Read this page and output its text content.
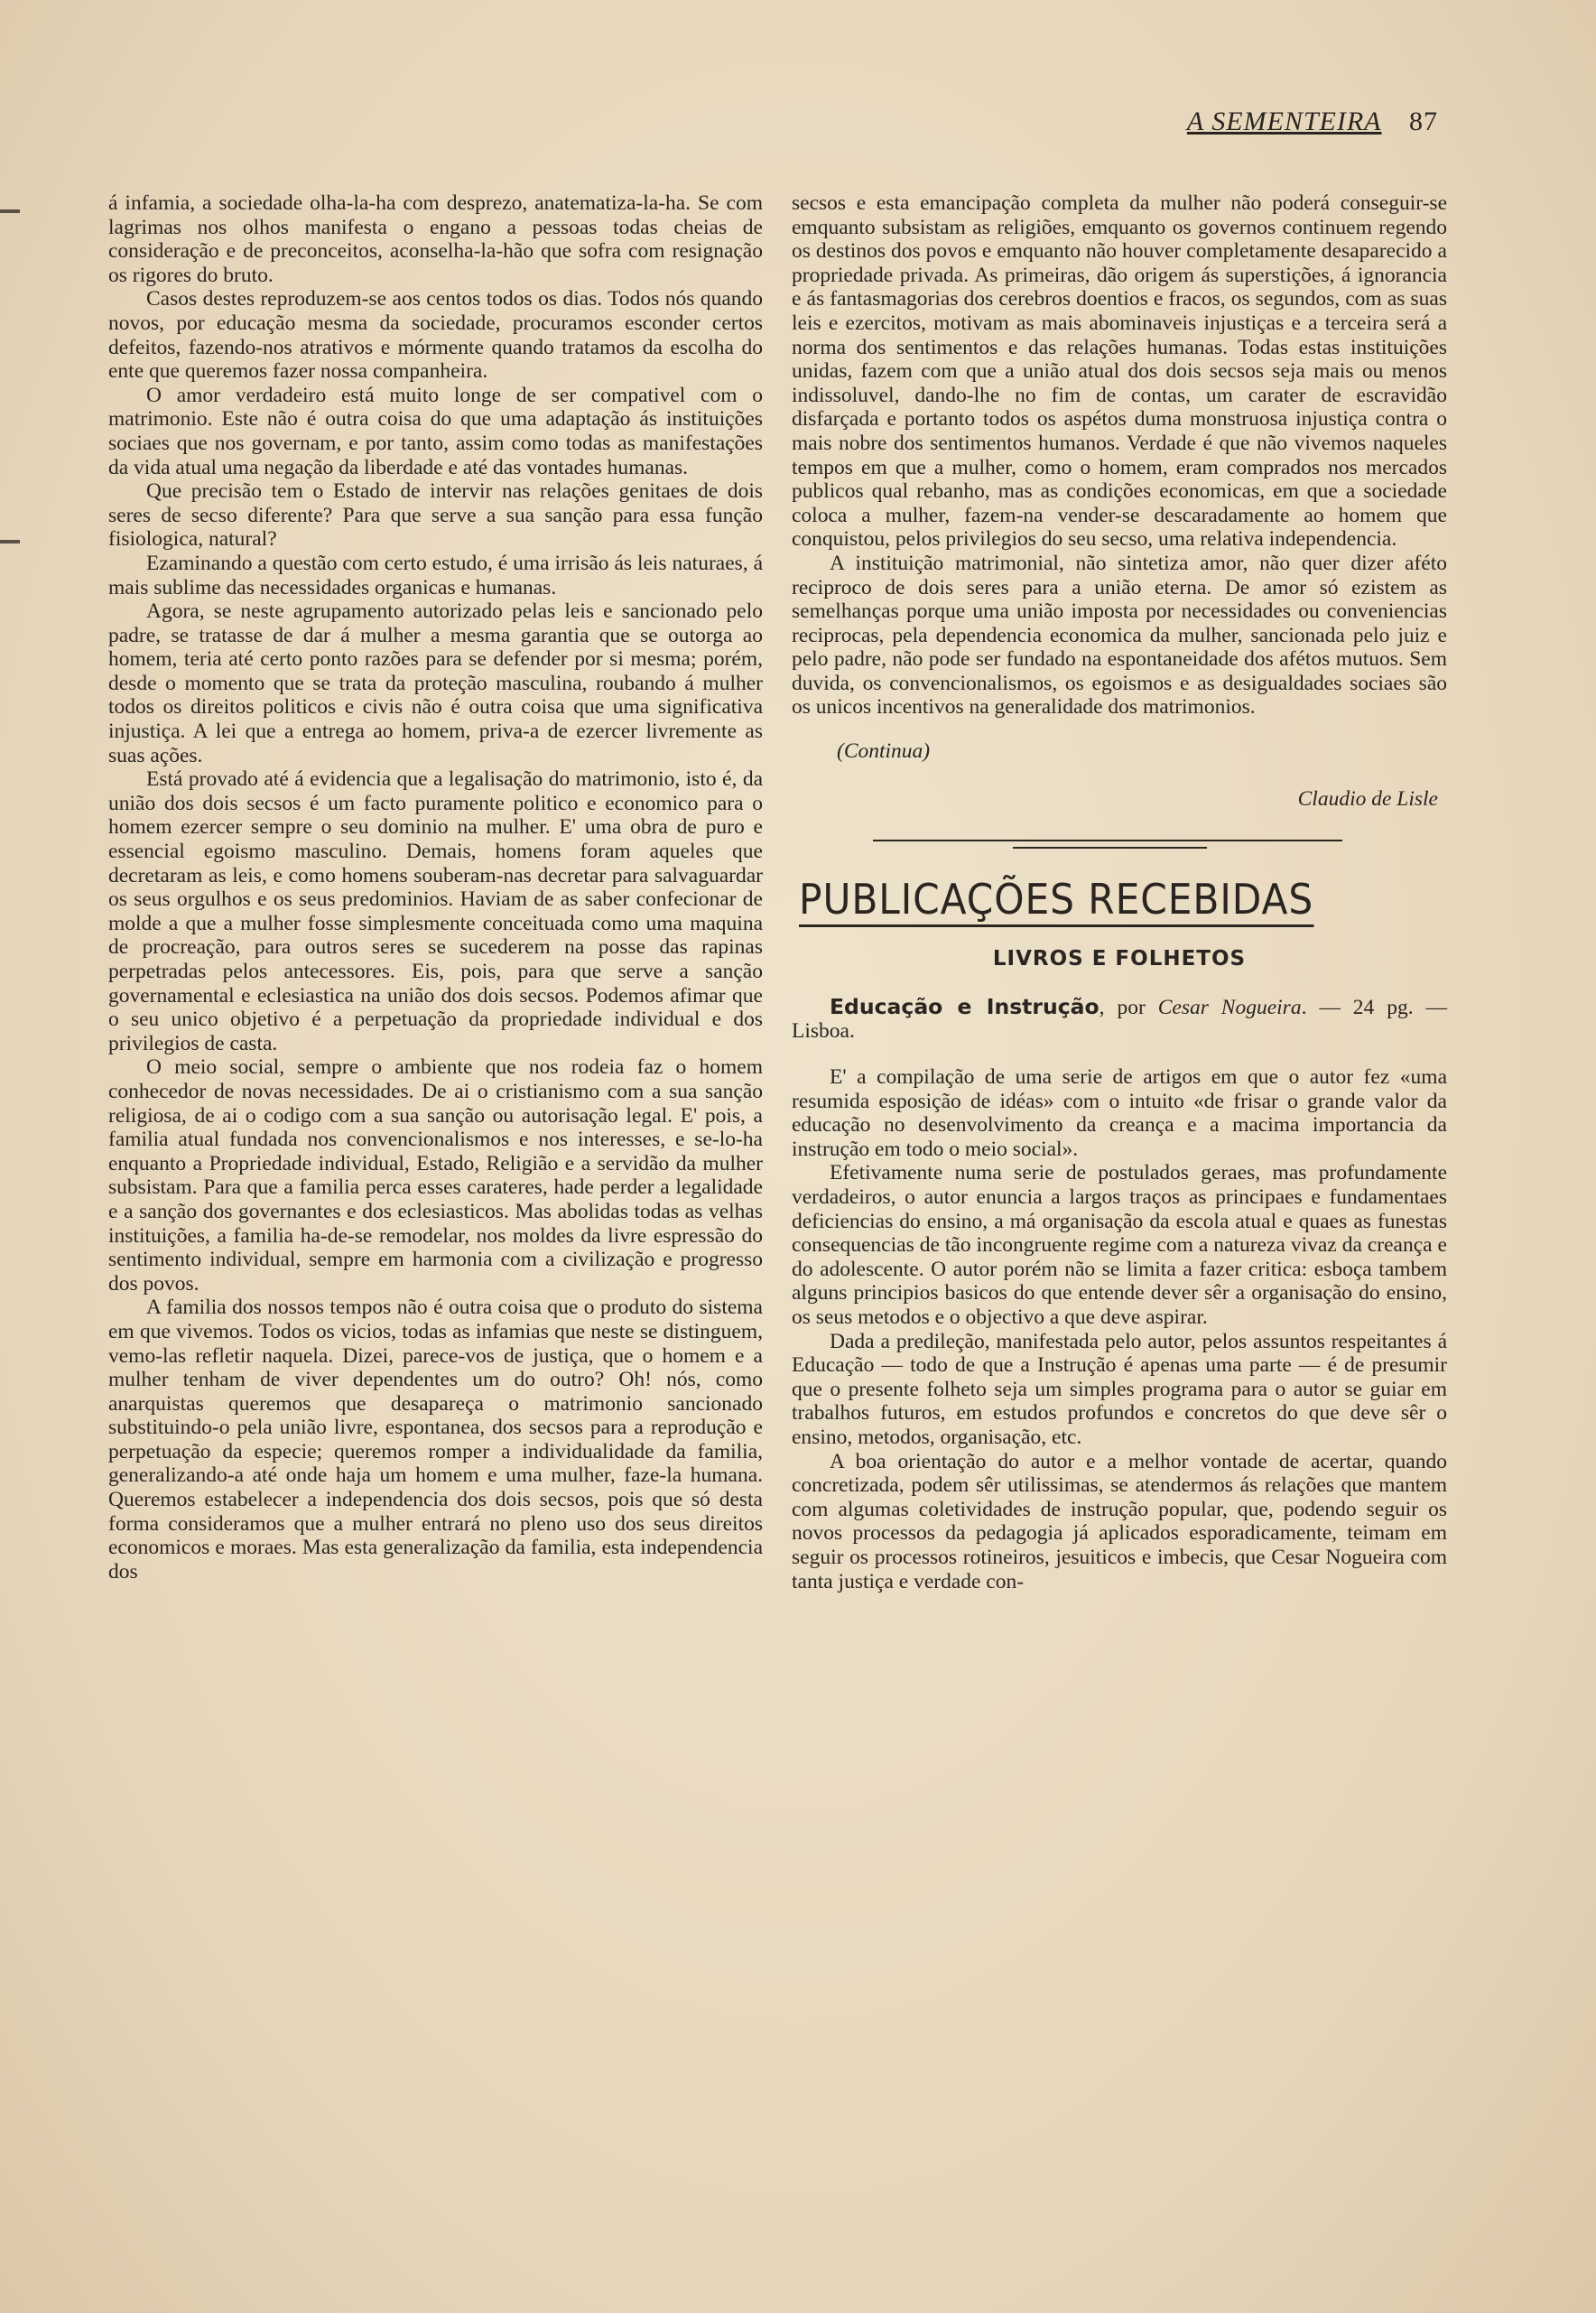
A SEMENTEIRA 87

á infamia, a sociedade olha-la-ha com desprezo, anatematiza-la-ha. Se com lagrimas nos olhos manifesta o engano a pessoas todas cheias de consideração e de preconceitos, aconselha-la-hão que sofra com resignação os rigores do bruto.

Casos destes reproduzem-se aos centos todos os dias. Todos nós quando novos, por educação mesma da sociedade, procuramos esconder certos defeitos, fazendo-nos atrativos e mórmente quando tratamos da escolha do ente que queremos fazer nossa companheira.

O amor verdadeiro está muito longe de ser compativel com o matrimonio. Este não é outra coisa do que uma adaptação ás instituições sociaes que nos governam, e por tanto, assim como todas as manifestações da vida atual uma negação da liberdade e até das vontades humanas.

Que precisão tem o Estado de intervir nas relações genitaes de dois seres de secso diferente? Para que serve a sua sanção para essa função fisiologica, natural?

Ezaminando a questão com certo estudo, é uma irrisão ás leis naturaes, á mais sublime das necessidades organicas e humanas.

Agora, se neste agrupamento autorizado pelas leis e sancionado pelo padre, se tratasse de dar á mulher a mesma garantia que se outorga ao homem, teria até certo ponto razões para se defender por si mesma; porém, desde o momento que se trata da proteção masculina, roubando á mulher todos os direitos politicos e civis não é outra coisa que uma significativa injustiça. A lei que a entrega ao homem, priva-a de ezercer livremente as suas ações.

Está provado até á evidencia que a legalisação do matrimonio, isto é, da união dos dois secsos é um facto puramente politico e economico para o homem ezercer sempre o seu dominio na mulher. E' uma obra de puro e essencial egoismo masculino. Demais, homens foram aqueles que decretaram as leis, e como homens souberam-nas decretar para salvaguardar os seus orgulhos e os seus predominios. Haviam de as saber confecionar de molde a que a mulher fosse simplesmente conceituada como uma maquina de procreação, para outros seres se sucederem na posse das rapinas perpetradas pelos antecessores. Eis, pois, para que serve a sanção governamental e eclesiastica na união dos dois secsos. Podemos afimar que o seu unico objetivo é a perpetuação da propriedade individual e dos privilegios de casta.

O meio social, sempre o ambiente que nos rodeia faz o homem conhecedor de novas necessidades. De ai o cristianismo com a sua sanção religiosa, de ai o codigo com a sua sanção ou autorisação legal. E' pois, a familia atual fundada nos convencionalismos e nos interesses, e se-lo-ha enquanto a Propriedade individual, Estado, Religião e a servidão da mulher subsistam. Para que a familia perca esses carateres, hade perder a legalidade e a sanção dos governantes e dos eclesiasticos. Mas abolidas todas as velhas instituições, a familia ha-de-se remodelar, nos moldes da livre espressão do sentimento individual, sempre em harmonia com a civilização e progresso dos povos.

A familia dos nossos tempos não é outra coisa que o produto do sistema em que vivemos. Todos os vicios, todas as infamias que neste se distinguem, vemo-las refletir naquela. Dizei, parece-vos de justiça, que o homem e a mulher tenham de viver dependentes um do outro? Oh! nós, como anarquistas queremos que desapareça o matrimonio sancionado substituindo-o pela união livre, espontanea, dos secsos para a reprodução e perpetuação da especie; queremos romper a individualidade da familia, generalizando-a até onde haja um homem e uma mulher, faze-la humana. Queremos estabelecer a independencia dos dois secsos, pois que só desta forma consideramos que a mulher entrará no pleno uso dos seus direitos economicos e moraes. Mas esta generalização da familia, esta independencia dos

secsos e esta emancipação completa da mulher não poderá conseguir-se emquanto subsistam as religiões, emquanto os governos continuem regendo os destinos dos povos e emquanto não houver completamente desaparecido a propriedade privada. As primeiras, dão origem ás superstições, á ignorancia e ás fantasmagorias dos cerebros doentios e fracos, os segundos, com as suas leis e ezercitos, motivam as mais abominaveis injustiças e a terceira será a norma dos sentimentos e das relações humanas. Todas estas instituições unidas, fazem com que a união atual dos dois secsos seja mais ou menos indissoluvel, dando-lhe no fim de contas, um carater de escravidão disfarçada e portanto todos os aspétos duma monstruosa injustiça contra o mais nobre dos sentimentos humanos. Verdade é que não vivemos naqueles tempos em que a mulher, como o homem, eram comprados nos mercados publicos qual rebanho, mas as condições economicas, em que a sociedade coloca a mulher, fazem-na vender-se descaradamente ao homem que conquistou, pelos privilegios do seu secso, uma relativa independencia.

A instituição matrimonial, não sintetiza amor, não quer dizer aféto reciproco de dois seres para a união eterna. De amor só ezistem as semelhanças porque uma união imposta por necessidades ou conveniencias reciprocas, pela dependencia economica da mulher, sancionada pelo juiz e pelo padre, não pode ser fundado na espontaneidade dos afétos mutuos. Sem duvida, os convencionalismos, os egoismos e as desigualdades sociaes são os unicos incentivos na generalidade dos matrimonios.

(Continua)
Claudio de Lisle
PUBLICAÇÕES RECEBIDAS
LIVROS E FOLHETOS

Educação e Instrução, por Cesar Nogueira. — 24 pg. — Lisboa.

E' a compilação de uma serie de artigos em que o autor fez «uma resumida esposição de idéas» com o intuito «de frisar o grande valor da educação no desenvolvimento da creança e a macima importancia da instrução em todo o meio social».

Efetivamente numa serie de postulados geraes, mas profundamente verdadeiros, o autor enuncia a largos traços as principaes e fundamentaes deficiencias do ensino, a má organisação da escola atual e quaes as funestas consequencias de tão incongruente regime com a natureza vivaz da creança e do adolescente. O autor porém não se limita a fazer critica: esboça tambem alguns principios basicos do que entende dever sêr a organisação do ensino, os seus metodos e o objectivo a que deve aspirar.

Dada a predileção, manifestada pelo autor, pelos assuntos respeitantes á Educação — todo de que a Instrução é apenas uma parte — é de presumir que o presente folheto seja um simples programa para o autor se guiar em trabalhos futuros, em estudos profundos e concretos do que deve sêr o ensino, metodos, organisação, etc.

A boa orientação do autor e a melhor vontade de acertar, quando concretizada, podem sêr utilissimas, se atendermos ás relações que mantem com algumas coletividades de instrução popular, que, podendo seguir os novos processos da pedagogia já aplicados esporadicamente, teimam em seguir os processos rotineiros, jesuiticos e imbecis, que Cesar Nogueira com tanta justiça e verdade con-
